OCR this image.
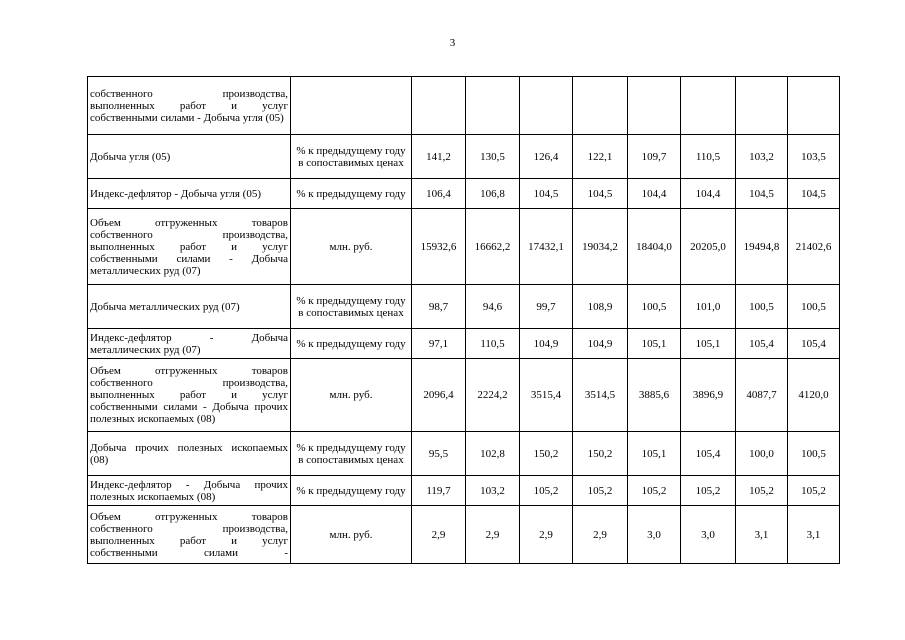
3
собственного производства, выполненных работ и услуг собственными силами - Добыча угля (05)									
Добыча угля (05)	% к предыдущему году в сопоставимых ценах	141,2	130,5	126,4	122,1	109,7	110,5	103,2	103,5
Индекс-дефлятор - Добыча угля (05)	% к предыдущему году	106,4	106,8	104,5	104,5	104,4	104,4	104,5	104,5
Объем отгруженных товаров собственного производства, выполненных работ и услуг собственными силами - Добыча металлических руд (07)	млн. руб.	15932,6	16662,2	17432,1	19034,2	18404,0	20205,0	19494,8	21402,6
Добыча металлических руд (07)	% к предыдущему году в сопоставимых ценах	98,7	94,6	99,7	108,9	100,5	101,0	100,5	100,5
Индекс-дефлятор - Добыча металлических руд (07)	% к предыдущему году	97,1	110,5	104,9	104,9	105,1	105,1	105,4	105,4
Объем отгруженных товаров собственного производства, выполненных работ и услуг собственными силами - Добыча прочих полезных ископаемых (08)	млн. руб.	2096,4	2224,2	3515,4	3514,5	3885,6	3896,9	4087,7	4120,0
Добыча прочих полезных ископаемых (08)	% к предыдущему году в сопоставимых ценах	95,5	102,8	150,2	150,2	105,1	105,4	100,0	100,5
Индекс-дефлятор - Добыча прочих полезных ископаемых (08)	% к предыдущему году	119,7	103,2	105,2	105,2	105,2	105,2	105,2	105,2
Объем отгруженных товаров собственного производства, выполненных работ и услуг собственными силами -	млн. руб.	2,9	2,9	2,9	2,9	3,0	3,0	3,1	3,1
